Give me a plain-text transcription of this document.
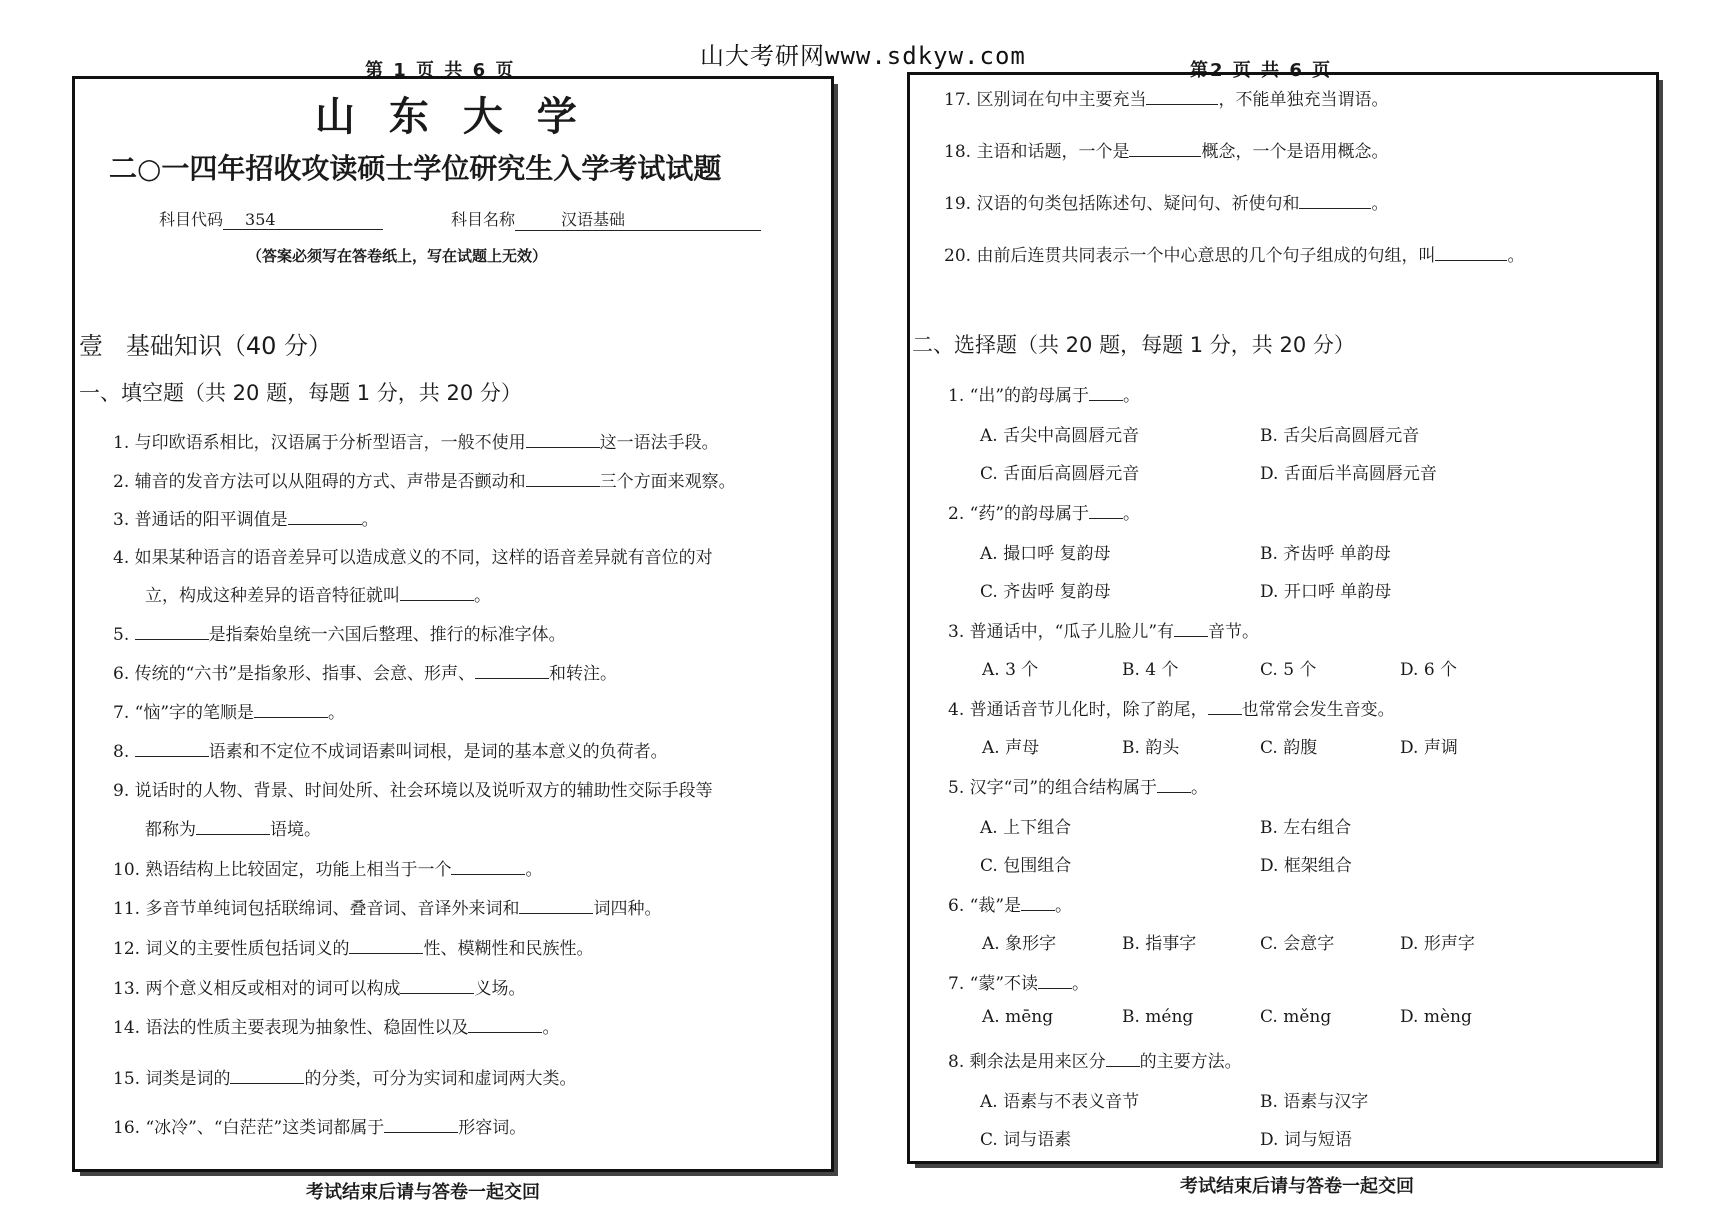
山大考研网www.sdkyw.com
第 1 页 共 6 页	第2 页 共 6 页
山 东 大 学
二○一四年招收攻读硕士学位研究生入学考试试题
科目代码 354	科目名称	汉语基础
（答案必须写在答卷纸上，写在试题上无效）
壹   基础知识（40 分）
一、填空题（共 20 题，每题 1 分，共 20 分）
1. 与印欧语系相比，汉语属于分析型语言，一般不使用	这一语法手段。
2. 辅音的发音方法可以从阻碍的方式、声带是否颤动和	三个方面来观察。
3. 普通话的阳平调值是	。
4. 如果某种语言的语音差异可以造成意义的不同，这样的语音差异就有音位的对
立，构成这种差异的语音特征就叫	。
5.	是指秦始皇统一六国后整理、推行的标准字体。
6. 传统的“六书”是指象形、指事、会意、形声、	和转注。
7. “恼”字的笔顺是	。
8.	语素和不定位不成词语素叫词根，是词的基本意义的负荷者。
9. 说话时的人物、背景、时间处所、社会环境以及说听双方的辅助性交际手段等
都称为	语境。
10. 熟语结构上比较固定，功能上相当于一个	。
11. 多音节单纯词包括联绵词、叠音词、音译外来词和	词四种。
12. 词义的主要性质包括词义的	性、模糊性和民族性。
13. 两个意义相反或相对的词可以构成	义场。
14. 语法的性质主要表现为抽象性、稳固性以及	。
15. 词类是词的	的分类，可分为实词和虚词两大类。
16. “冰冷”、“白茫茫”这类词都属于	形容词。
考试结束后请与答卷一起交回
17. 区别词在句中主要充当	，不能单独充当谓语。
18. 主语和话题，一个是	概念，一个是语用概念。
19. 汉语的句类包括陈述句、疑问句、祈使句和	。
20. 由前后连贯共同表示一个中心意思的几个句子组成的句组，叫	。
二、选择题（共 20 题，每题 1 分，共 20 分）
1. “出”的韵母属于 。
A. 舌尖中高圆唇元音	B. 舌尖后高圆唇元音
C. 舌面后高圆唇元音	D. 舌面后半高圆唇元音
2. “药”的韵母属于 。
A. 撮口呼 复韵母	B. 齐齿呼 单韵母
C. 齐齿呼 复韵母	D. 开口呼 单韵母
3. 普通话中，“瓜子儿脸儿”有 音节。
A. 3 个	B. 4 个	C. 5 个	D. 6 个
4. 普通话音节儿化时，除了韵尾， 也常常会发生音变。
A. 声母	B. 韵头	C. 韵腹	D. 声调
5. 汉字“司”的组合结构属于 。
A. 上下组合	B. 左右组合
C. 包围组合	D. 框架组合
6. “裁”是 。
A. 象形字	B. 指事字	C. 会意字	D. 形声字
7. “蒙”不读 。
A. mēng	B. méng	C. měng	D. mèng
8. 剩余法是用来区分 的主要方法。
A. 语素与不表义音节	B. 语素与汉字
C. 词与语素	D. 词与短语
考试结束后请与答卷一起交回
